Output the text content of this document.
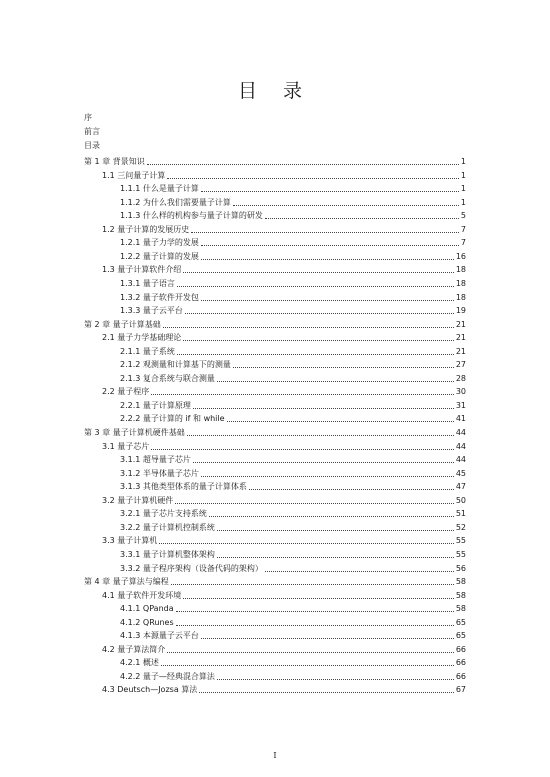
目 录
序
前言
目录
第 1 章 背景知识	1
1.1 三问量子计算	1
1.1.1 什么是量子计算	1
1.1.2 为什么我们需要量子计算	1
1.1.3 什么样的机构参与量子计算的研发	5
1.2 量子计算的发展历史	7
1.2.1 量子力学的发展	7
1.2.2 量子计算的发展	16
1.3 量子计算软件介绍	18
1.3.1 量子语言	18
1.3.2 量子软件开发包	18
1.3.3 量子云平台	19
第 2 章 量子计算基础	21
2.1 量子力学基础理论	21
2.1.1 量子系统	21
2.1.2 观测量和计算基下的测量	27
2.1.3 复合系统与联合测量	28
2.2 量子程序	30
2.2.1 量子计算原理	31
2.2.2 量子计算的 if 和 while	41
第 3 章 量子计算机硬件基础	44
3.1 量子芯片	44
3.1.1 超导量子芯片	44
3.1.2 半导体量子芯片	45
3.1.3 其他类型体系的量子计算体系	47
3.2 量子计算机硬件	50
3.2.1 量子芯片支持系统	51
3.2.2 量子计算机控制系统	52
3.3 量子计算机	55
3.3.1 量子计算机整体架构	55
3.3.2 量子程序架构（设备代码的架构）	56
第 4 章 量子算法与编程	58
4.1 量子软件开发环境	58
4.1.1 QPanda	58
4.1.2 QRunes	65
4.1.3 本源量子云平台	65
4.2 量子算法简介	66
4.2.1 概述	66
4.2.2 量子—经典混合算法	66
4.3 Deutsch—Jozsa 算法	67
I
